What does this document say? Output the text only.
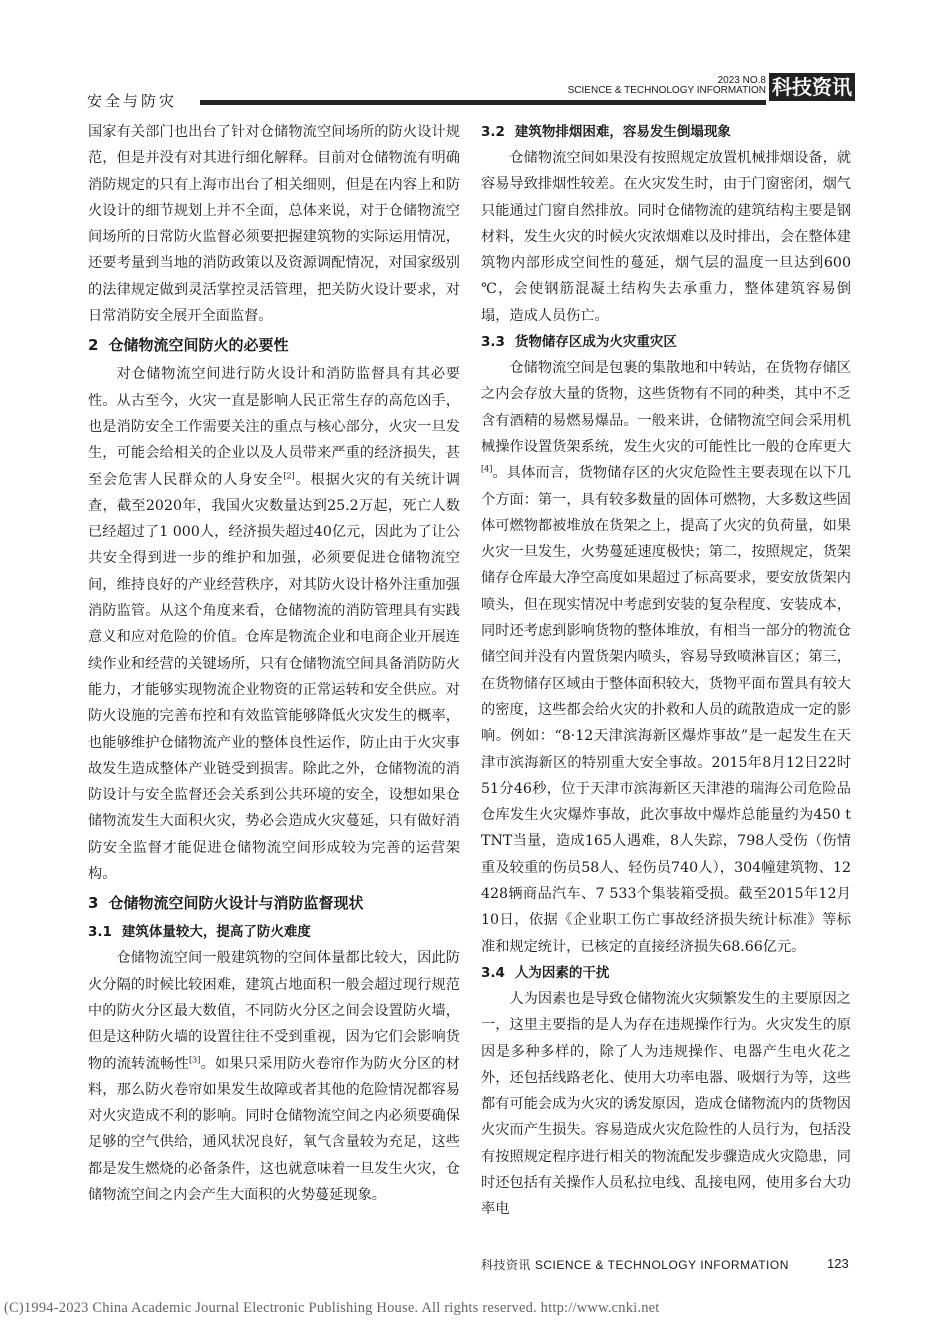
安全与防灾
2023 NO.8
SCIENCE & TECHNOLOGY INFORMATION 科技资讯

国家有关部门也出台了针对仓储物流空间场所的防火设计规范，但是并没有对其进行细化解释。目前对仓储物流有明确消防规定的只有上海市出台了相关细则，但是在内容上和防火设计的细节规划上并不全面，总体来说，对于仓储物流空间场所的日常防火监督必须要把握建筑物的实际运用情况，还要考量到当地的消防政策以及资源调配情况，对国家级别的法律规定做到灵活掌控灵活管理，把关防火设计要求，对日常消防安全展开全面监督。

2 仓储物流空间防火的必要性

对仓储物流空间进行防火设计和消防监督具有其必要性。从古至今，火灾一直是影响人民正常生存的高危凶手，也是消防安全工作需要关注的重点与核心部分，火灾一旦发生，可能会给相关的企业以及人员带来严重的经济损失，甚至会危害人民群众的人身安全[2]。根据火灾的有关统计调查，截至2020年，我国火灾数量达到25.2万起，死亡人数已经超过了1 000人，经济损失超过40亿元，因此为了让公共安全得到进一步的维护和加强，必须要促进仓储物流空间，维持良好的产业经营秩序，对其防火设计格外注重加强消防监管。从这个角度来看，仓储物流的消防管理具有实践意义和应对危险的价值。仓库是物流企业和电商企业开展连续作业和经营的关键场所，只有仓储物流空间具备消防防火能力，才能够实现物流企业物资的正常运转和安全供应。对防火设施的完善布控和有效监管能够降低火灾发生的概率，也能够维护仓储物流产业的整体良性运作，防止由于火灾事故发生造成整体产业链受到损害。除此之外，仓储物流的消防设计与安全监督还会关系到公共环境的安全，设想如果仓储物流发生大面积火灾，势必会造成火灾蔓延，只有做好消防安全监督才能促进仓储物流空间形成较为完善的运营架构。

3 仓储物流空间防火设计与消防监督现状
3.1 建筑体量较大，提高了防火难度

仓储物流空间一般建筑物的空间体量都比较大，因此防火分隔的时候比较困难，建筑占地面积一般会超过现行规范中的防火分区最大数值，不同防火分区之间会设置防火墙，但是这种防火墙的设置往往不受到重视，因为它们会影响货物的流转流畅性[3]。如果只采用防火卷帘作为防火分区的材料，那么防火卷帘如果发生故障或者其他的危险情况都容易对火灾造成不利的影响。同时仓储物流空间之内必须要确保足够的空气供给，通风状况良好，氧气含量较为充足，这些都是发生燃烧的必备条件，这也就意味着一旦发生火灾，仓储物流空间之内会产生大面积的火势蔓延现象。

3.2 建筑物排烟困难，容易发生倒塌现象

仓储物流空间如果没有按照规定放置机械排烟设备，就容易导致排烟性较差。在火灾发生时，由于门窗密闭，烟气只能通过门窗自然排放。同时仓储物流的建筑结构主要是钢材料，发生火灾的时候火灾浓烟难以及时排出，会在整体建筑物内部形成空间性的蔓延，烟气层的温度一旦达到600 ℃，会使钢筋混凝土结构失去承重力，整体建筑容易倒塌，造成人员伤亡。

3.3 货物储存区成为火灾重灾区

仓储物流空间是包裹的集散地和中转站，在货物存储区之内会存放大量的货物，这些货物有不同的种类，其中不乏含有酒精的易燃易爆品。一般来讲，仓储物流空间会采用机械操作设置货架系统，发生火灾的可能性比一般的仓库更大[4]。具体而言，货物储存区的火灾危险性主要表现在以下几个方面：第一，具有较多数量的固体可燃物，大多数这些固体可燃物都被堆放在货架之上，提高了火灾的负荷量，如果火灾一旦发生，火势蔓延速度极快；第二，按照规定，货架储存仓库最大净空高度如果超过了标高要求，要安放货架内喷头，但在现实情况中考虑到安装的复杂程度、安装成本，同时还考虑到影响货物的整体堆放，有相当一部分的物流仓储空间并没有内置货架内喷头，容易导致喷淋盲区；第三，在货物储存区域由于整体面积较大，货物平面布置具有较大的密度，这些都会给火灾的扑救和人员的疏散造成一定的影响。例如：“8·12天津滨海新区爆炸事故”是一起发生在天津市滨海新区的特别重大安全事故。2015年8月12日22时51分46秒，位于天津市滨海新区天津港的瑞海公司危险品仓库发生火灾爆炸事故，此次事故中爆炸总能量约为450 t TNT当量，造成165人遇难，8人失踪，798人受伤（伤情重及较重的伤员58人、轻伤员740人），304幢建筑物、12 428辆商品汽车、7 533个集装箱受损。截至2015年12月10日，依据《企业职工伤亡事故经济损失统计标准》等标准和规定统计，已核定的直接经济损失68.66亿元。

3.4 人为因素的干扰

人为因素也是导致仓储物流火灾频繁发生的主要原因之一，这里主要指的是人为存在违规操作行为。火灾发生的原因是多种多样的，除了人为违规操作、电器产生电火花之外，还包括线路老化、使用大功率电器、吸烟行为等，这些都有可能会成为火灾的诱发原因，造成仓储物流内的货物因火灾而产生损失。容易造成火灾危险性的人员行为，包括没有按照规定程序进行相关的物流配发步骤造成火灾隐患，同时还包括有关操作人员私拉电线、乱接电网，使用多台大功率电

科技资讯 SCIENCE & TECHNOLOGY INFORMATION	123
(C)1994-2023 China Academic Journal Electronic Publishing House. All rights reserved. http://www.cnki.net
